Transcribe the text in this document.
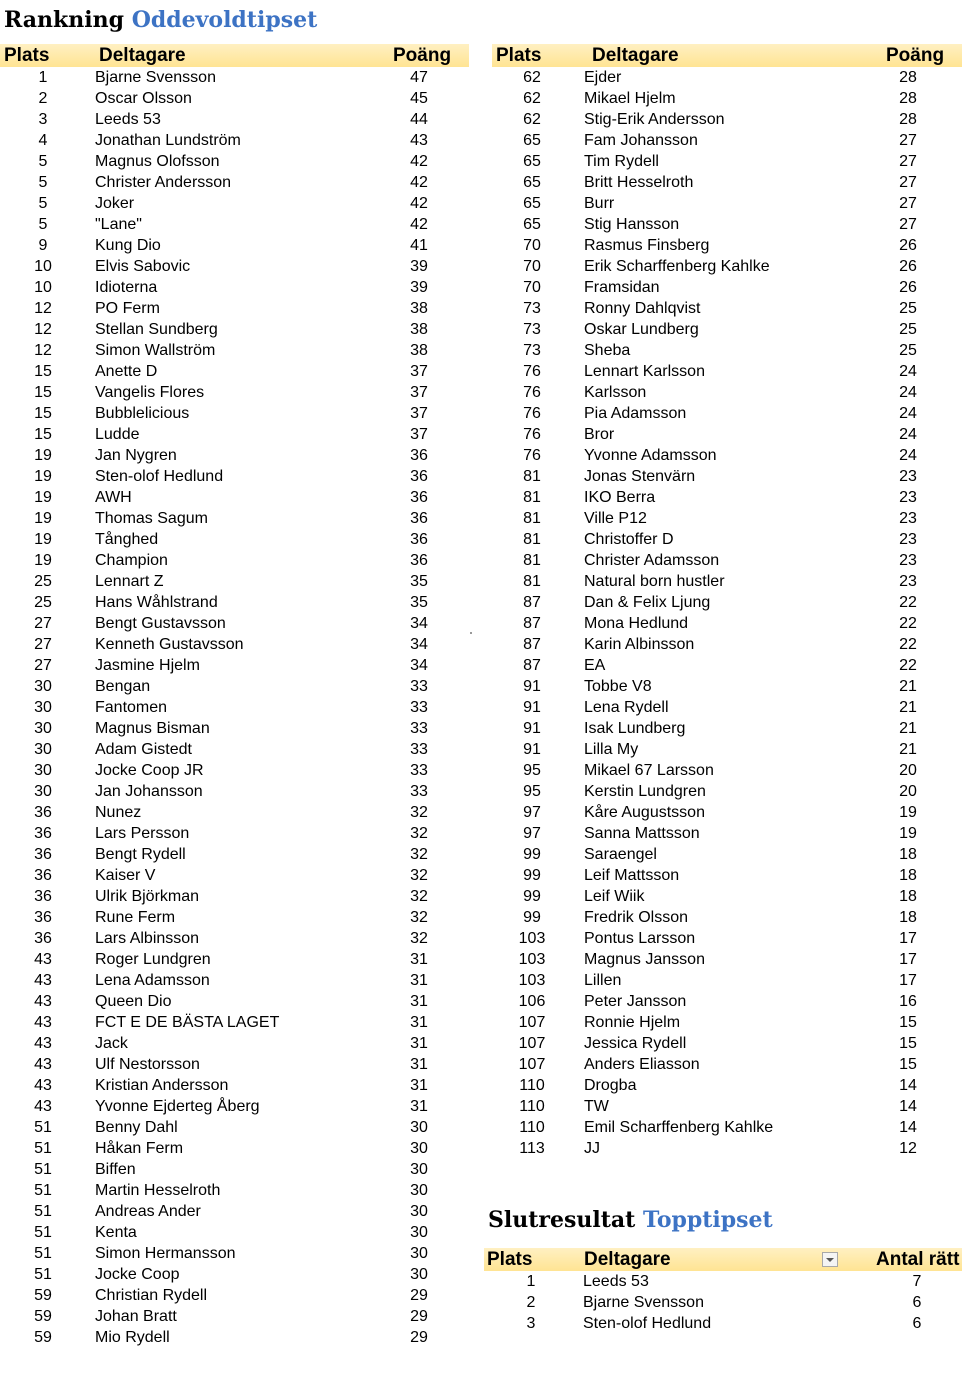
Rankning Oddevoldtipset
Plats	Deltagare	Poäng
1	Bjarne Svensson	47
2	Oscar Olsson	45
3	Leeds 53	44
4	Jonathan Lundström	43
5	Magnus Olofsson	42
5	Christer Andersson	42
5	Joker	42
5	"Lane"	42
9	Kung Dio	41
10	Elvis Sabovic	39
10	Idioterna	39
12	PO Ferm	38
12	Stellan Sundberg	38
12	Simon Wallström	38
15	Anette D	37
15	Vangelis Flores	37
15	Bubblelicious	37
15	Ludde	37
19	Jan Nygren	36
19	Sten-olof Hedlund	36
19	AWH	36
19	Thomas Sagum	36
19	Tånghed	36
19	Champion	36
25	Lennart Z	35
25	Hans Wåhlstrand	35
27	Bengt Gustavsson	34
27	Kenneth Gustavsson	34
27	Jasmine Hjelm	34
30	Bengan	33
30	Fantomen	33
30	Magnus Bisman	33
30	Adam Gistedt	33
30	Jocke Coop JR	33
30	Jan Johansson	33
36	Nunez	32
36	Lars Persson	32
36	Bengt Rydell	32
36	Kaiser V	32
36	Ulrik Björkman	32
36	Rune Ferm	32
36	Lars Albinsson	32
43	Roger Lundgren	31
43	Lena Adamsson	31
43	Queen Dio	31
43	FCT E DE BÄSTA LAGET	31
43	Jack	31
43	Ulf Nestorsson	31
43	Kristian Andersson	31
43	Yvonne Ejderteg Åberg	31
51	Benny Dahl	30
51	Håkan Ferm	30
51	Biffen	30
51	Martin Hesselroth	30
51	Andreas Ander	30
51	Kenta	30
51	Simon Hermansson	30
51	Jocke Coop	30
59	Christian Rydell	29
59	Johan Bratt	29
59	Mio Rydell	29
Plats	Deltagare	Poäng
62	Ejder	28
62	Mikael Hjelm	28
62	Stig-Erik Andersson	28
65	Fam Johansson	27
65	Tim Rydell	27
65	Britt Hesselroth	27
65	Burr	27
65	Stig Hansson	27
70	Rasmus Finsberg	26
70	Erik Scharffenberg Kahlke	26
70	Framsidan	26
73	Ronny Dahlqvist	25
73	Oskar Lundberg	25
73	Sheba	25
76	Lennart Karlsson	24
76	Karlsson	24
76	Pia Adamsson	24
76	Bror	24
76	Yvonne Adamsson	24
81	Jonas Stenvärn	23
81	IKO Berra	23
81	Ville P12	23
81	Christoffer D	23
81	Christer Adamsson	23
81	Natural born hustler	23
87	Dan & Felix Ljung	22
87	Mona Hedlund	22
87	Karin Albinsson	22
87	EA	22
91	Tobbe V8	21
91	Lena Rydell	21
91	Isak Lundberg	21
91	Lilla My	21
95	Mikael 67 Larsson	20
95	Kerstin Lundgren	20
97	Kåre Augustsson	19
97	Sanna Mattsson	19
99	Saraengel	18
99	Leif Mattsson	18
99	Leif Wiik	18
99	Fredrik Olsson	18
103	Pontus Larsson	17
103	Magnus Jansson	17
103	Lillen	17
106	Peter Jansson	16
107	Ronnie Hjelm	15
107	Jessica Rydell	15
107	Anders Eliasson	15
110	Drogba	14
110	TW	14
110	Emil Scharffenberg Kahlke	14
113	JJ	12
Slutresultat Topptipset
Plats	Deltagare	Antal rätt
1	Leeds 53	7
2	Bjarne Svensson	6
3	Sten-olof Hedlund	6
